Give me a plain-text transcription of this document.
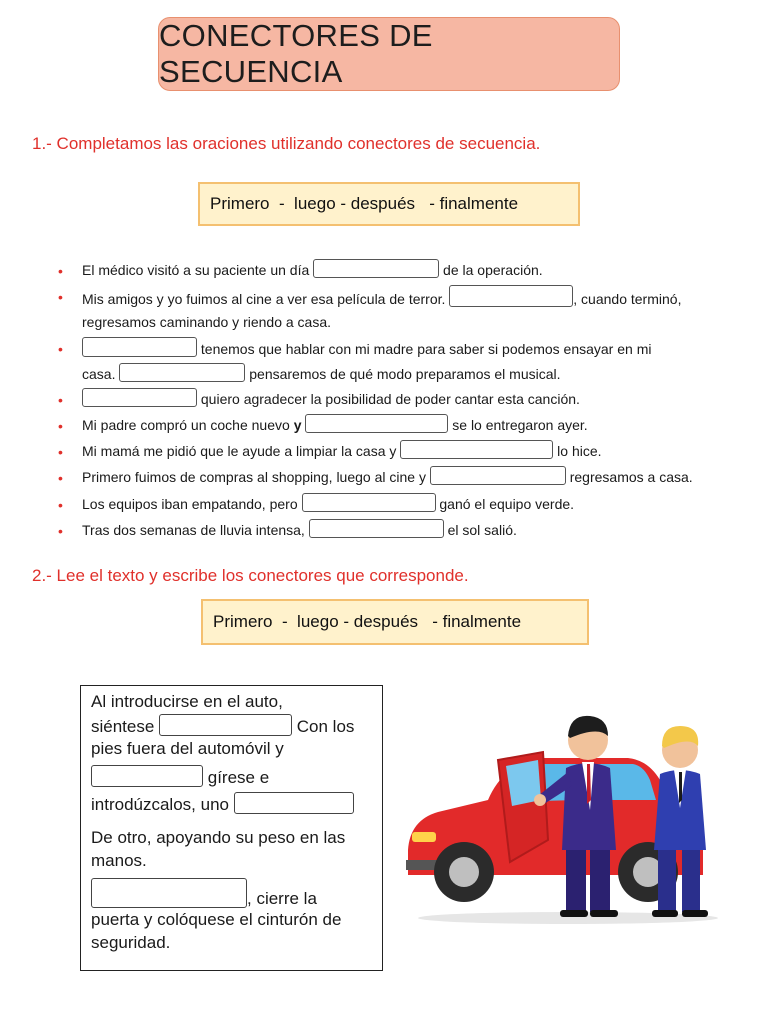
CONECTORES DE SECUENCIA

1.- Completamos las oraciones utilizando conectores de secuencia.

Primero  -  luego - después   - finalmente
• El médico visitó a su paciente un día	de la operación.
• Mis amigos y yo fuimos al cine a ver esa película de terror.	, cuando terminó,
regresamos caminando y riendo a casa.
•	tenemos que hablar con mi madre para saber si podemos ensayar en mi
casa.	pensaremos de qué modo preparamos el musical.
•	quiero agradecer la posibilidad de poder cantar esta canción.
• Mi padre compró un coche nuevo y	se lo entregaron ayer.
• Mi mamá me pidió que le ayude a limpiar la casa y	lo hice.
• Primero fuimos de compras al shopping, luego al cine y	regresamos a casa.
• Los equipos iban empatando, pero	ganó el equipo verde.
• Tras dos semanas de lluvia intensa,	el sol salió.

2.- Lee el texto y escribe los conectores que corresponde.

Primero  -  luego - después   - finalmente
Al introducirse en el auto,
siéntese	Con los
pies fuera del automóvil y
gírese e
introdúzcalos, uno
De otro, apoyando su peso en las
manos.
, cierre la
puerta y colóquese el cinturón de
seguridad.
